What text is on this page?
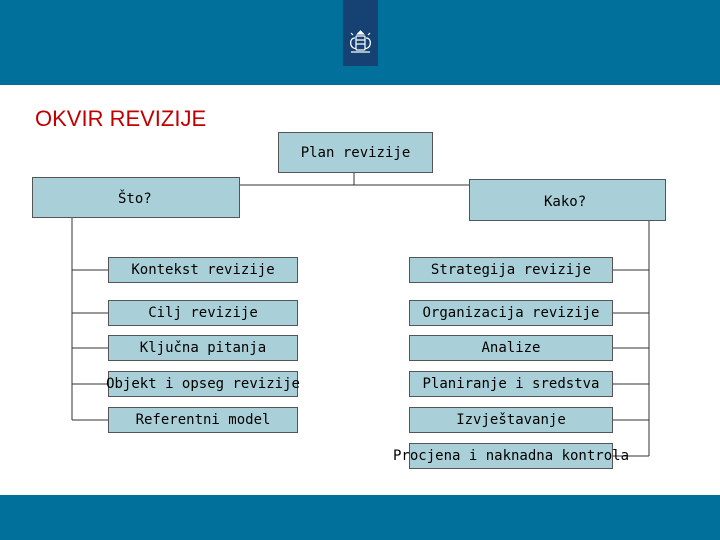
OKVIR REVIZIJE
Plan revizije
Što?	Kako?
Kontekst revizije
Cilj revizije
Ključna pitanja
Objekt i opseg revizije
Referentni model
Strategija revizije
Organizacija revizije
Analize
Planiranje i sredstva
Izvještavanje
Procjena i naknadna kontrola
